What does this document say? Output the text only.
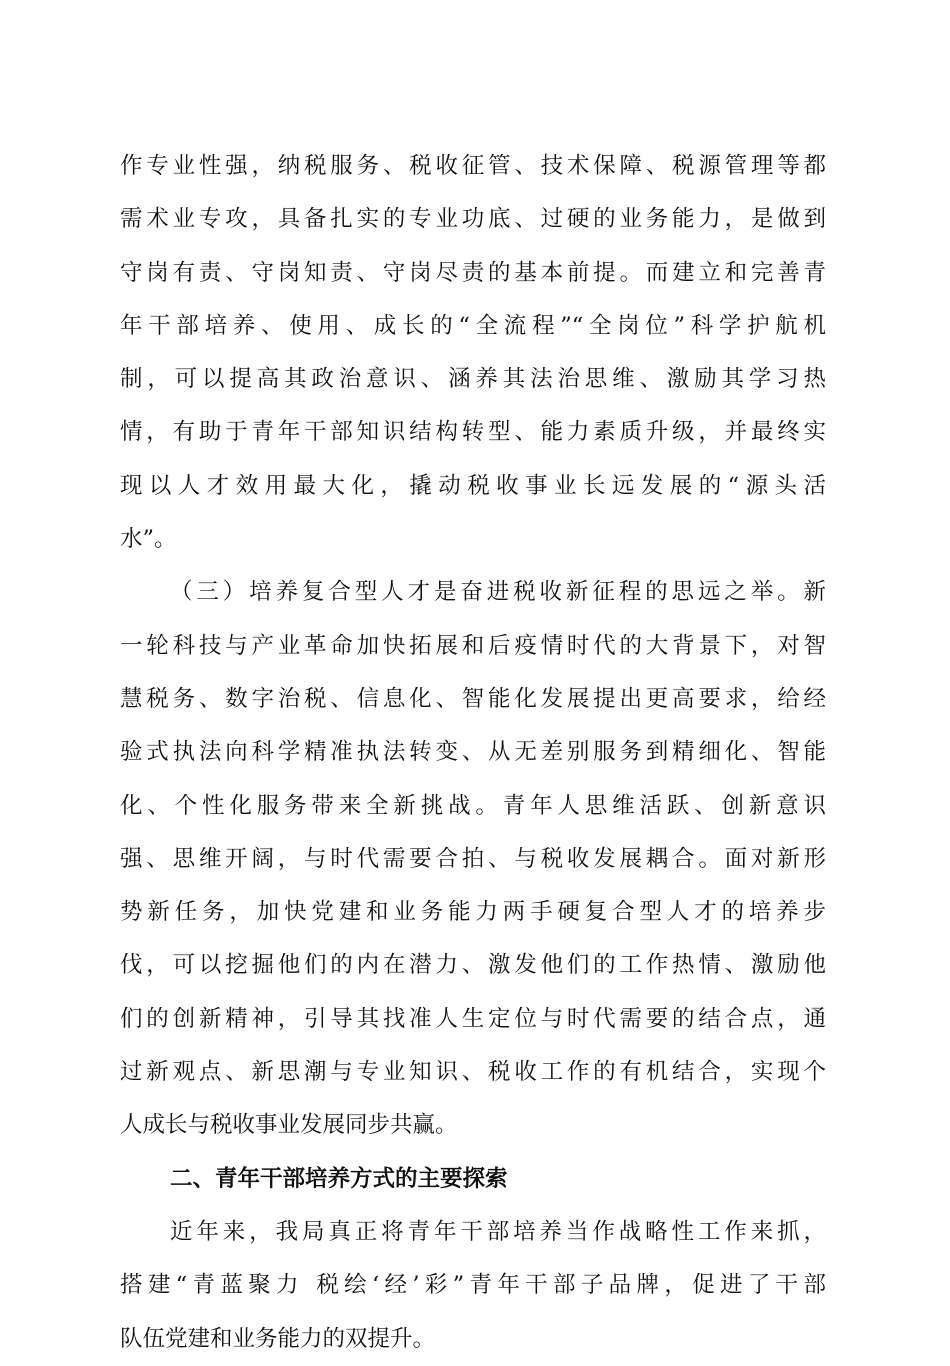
作专业性强，纳税服务、税收征管、技术保障、税源管理等都
需术业专攻，具备扎实的专业功底、过硬的业务能力，是做到
守岗有责、守岗知责、守岗尽责的基本前提。而建立和完善青
年干部培养、使用、成长的“全流程”“全岗位”科学护航机
制，可以提高其政治意识、涵养其法治思维、激励其学习热
情，有助于青年干部知识结构转型、能力素质升级，并最终实
现以人才效用最大化，撬动税收事业长远发展的“源头活
水”。
（三）培养复合型人才是奋进税收新征程的思远之举。新
一轮科技与产业革命加快拓展和后疫情时代的大背景下，对智
慧税务、数字治税、信息化、智能化发展提出更高要求，给经
验式执法向科学精准执法转变、从无差别服务到精细化、智能
化、个性化服务带来全新挑战。青年人思维活跃、创新意识
强、思维开阔，与时代需要合拍、与税收发展耦合。面对新形
势新任务，加快党建和业务能力两手硬复合型人才的培养步
伐，可以挖掘他们的内在潜力、激发他们的工作热情、激励他
们的创新精神，引导其找准人生定位与时代需要的结合点，通
过新观点、新思潮与专业知识、税收工作的有机结合，实现个
人成长与税收事业发展同步共赢。
二、青年干部培养方式的主要探索
近年来，我局真正将青年干部培养当作战略性工作来抓，
搭建“青蓝聚力 税绘‘经’彩”青年干部子品牌，促进了干部
队伍党建和业务能力的双提升。
